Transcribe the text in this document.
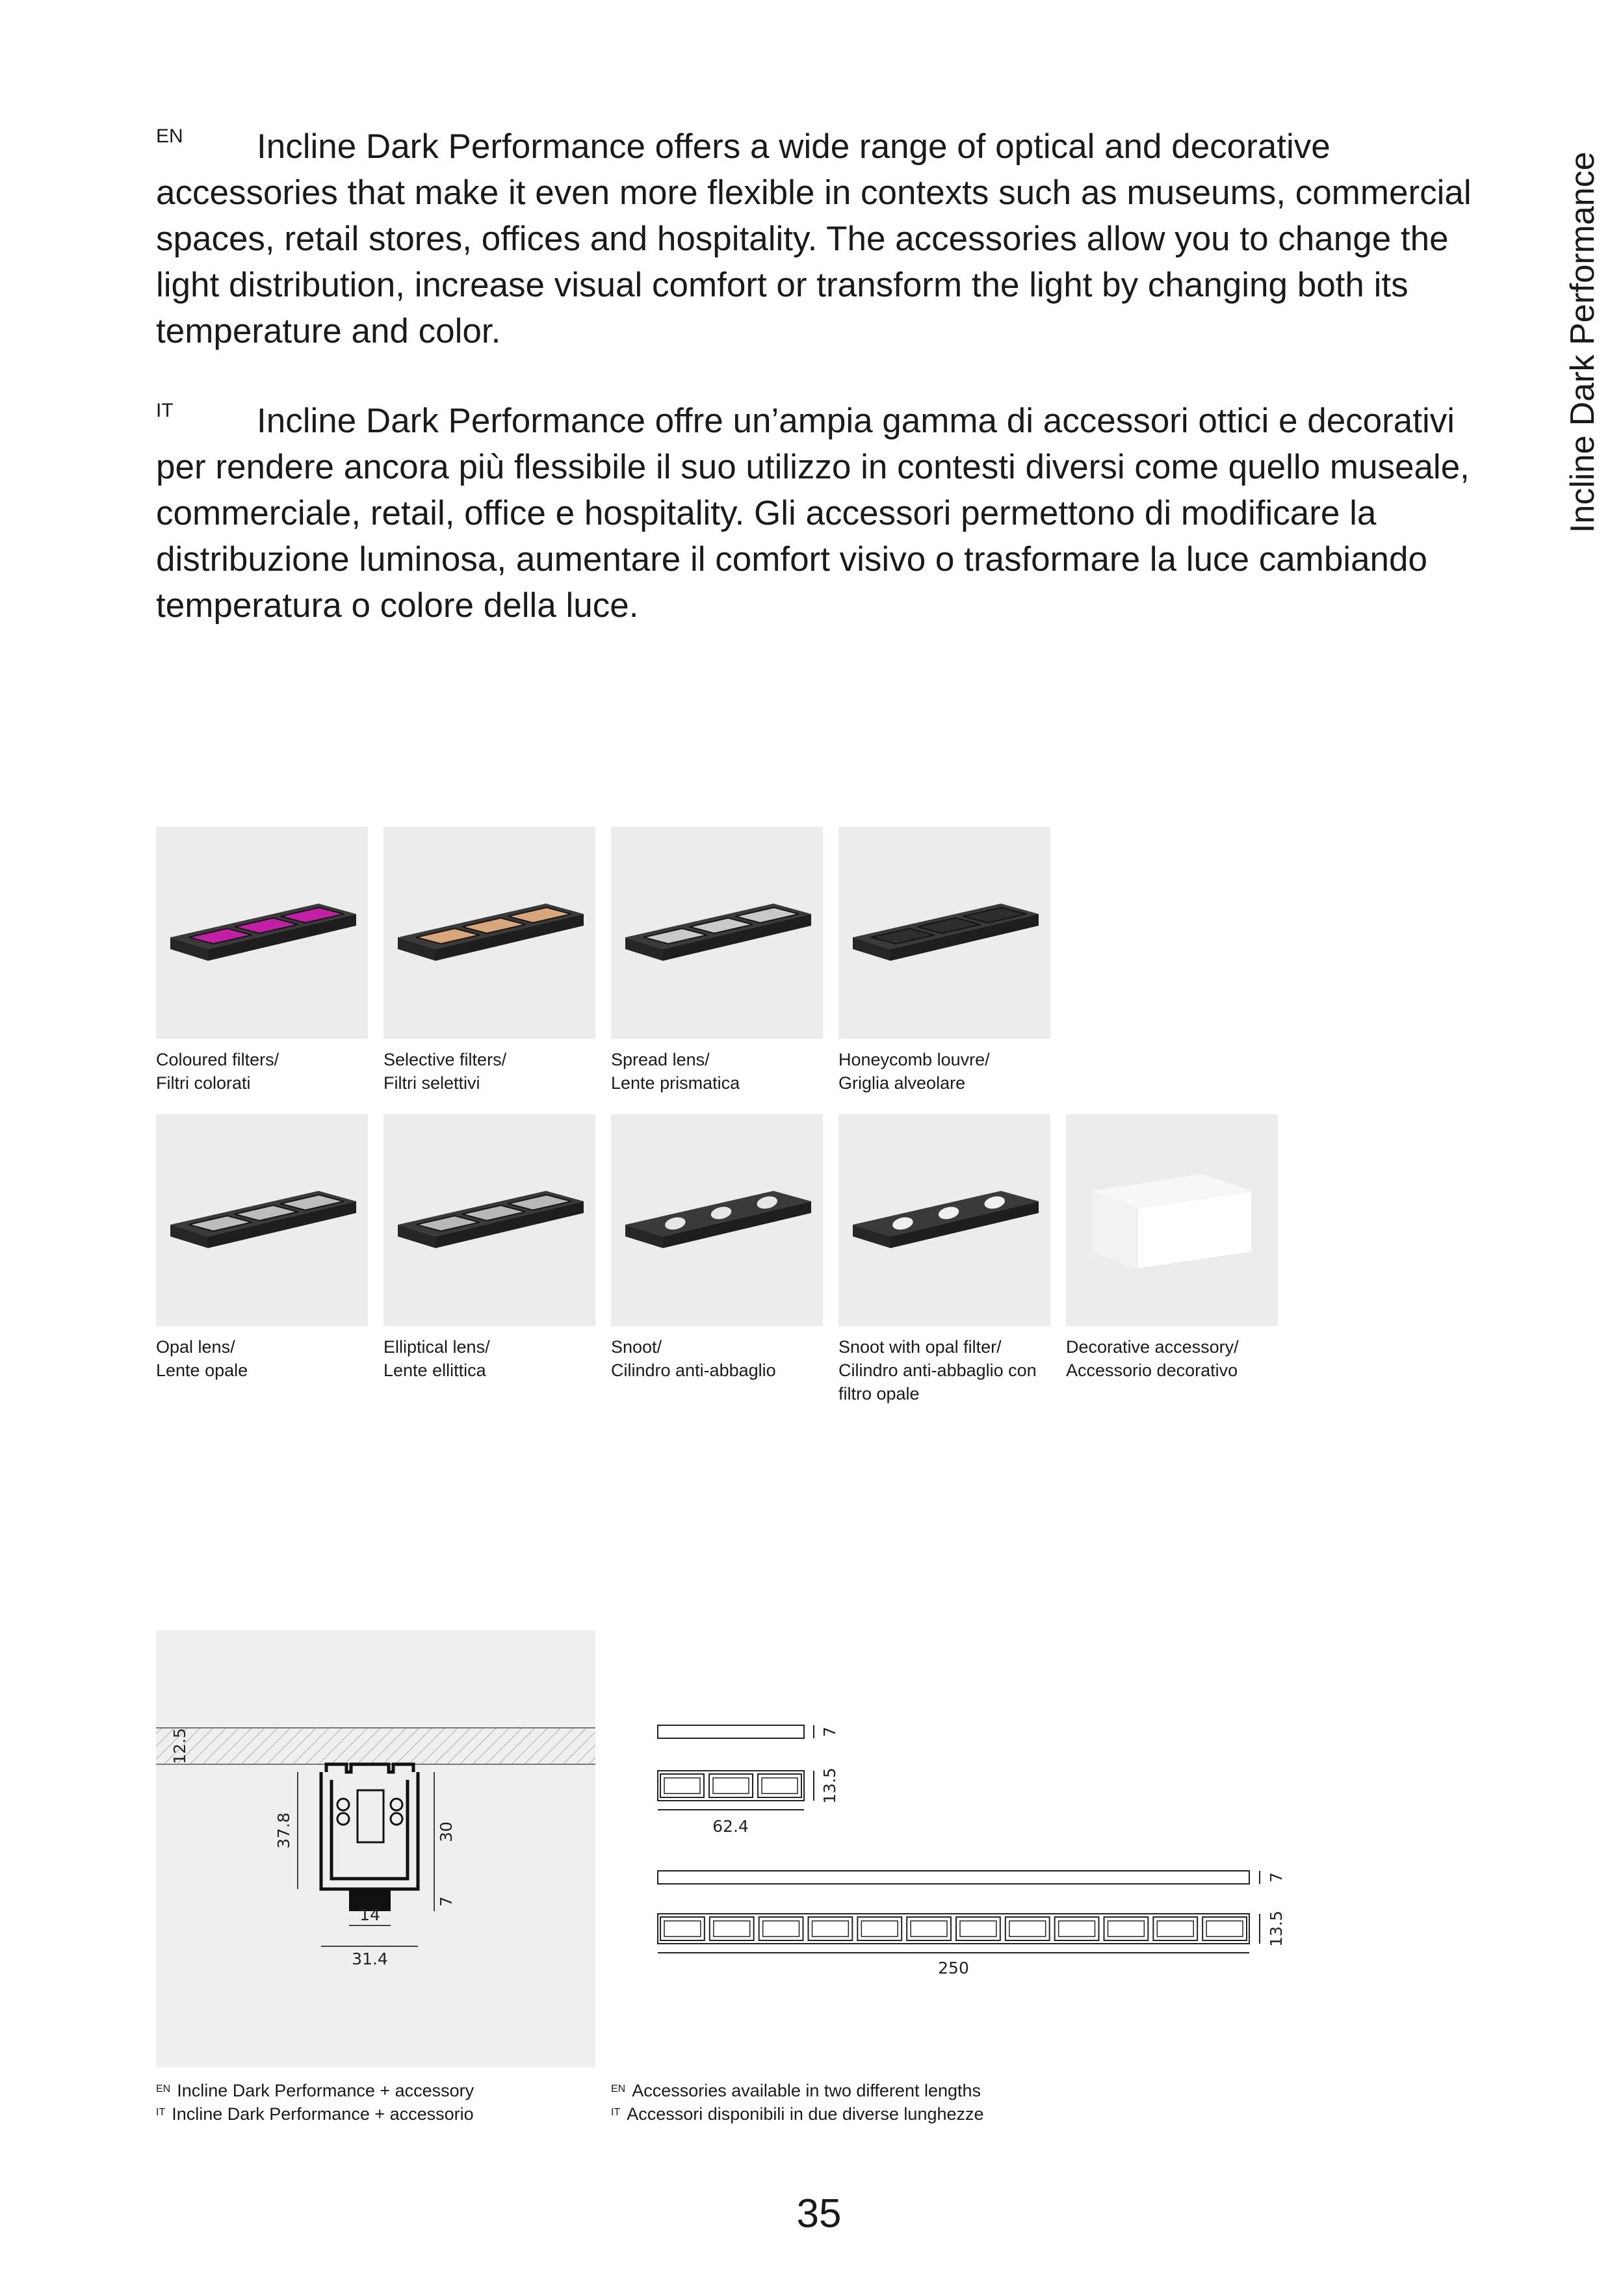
Incline Dark Performance

EN Incline Dark Performance offers a wide range of optical and decorative accessories that make it even more flexible in contexts such as museums, commercial spaces, retail stores, offices and hospitality. The accessories allow you to change the light distribution, increase visual comfort or transform the light by changing both its temperature and color.

IT Incline Dark Performance offre un’ampia gamma di accessori ottici e decorativi per rendere ancora più flessibile il suo utilizzo in contesti diversi come quello museale, commerciale, retail, office e hospitality. Gli accessori permettono di modificare la distribuzione luminosa, aumentare il comfort visivo o trasformare la luce cambiando temperatura o colore della luce.

Coloured filters/
Filtri colorati
Selective filters/
Filtri selettivi
Spread lens/
Lente prismatica
Honeycomb louvre/
Griglia alveolare
Opal lens/
Lente opale
Elliptical lens/
Lente ellittica
Snoot/
Cilindro anti-abbaglio
Snoot with opal filter/
Cilindro anti-abbaglio con
filtro opale
Decorative accessory/
Accessorio decorativo
12.5
37.8	30
7
14
31.4
7
13.5
62.4
7
13.5
250
$^{EN}$ Incline Dark Performance + accessory
$^{IT}$ Incline Dark Performance + accessorio
$^{EN}$ Accessories available in two different lengths
$^{IT}$ Accessori disponibili in due diverse lunghezze
35
